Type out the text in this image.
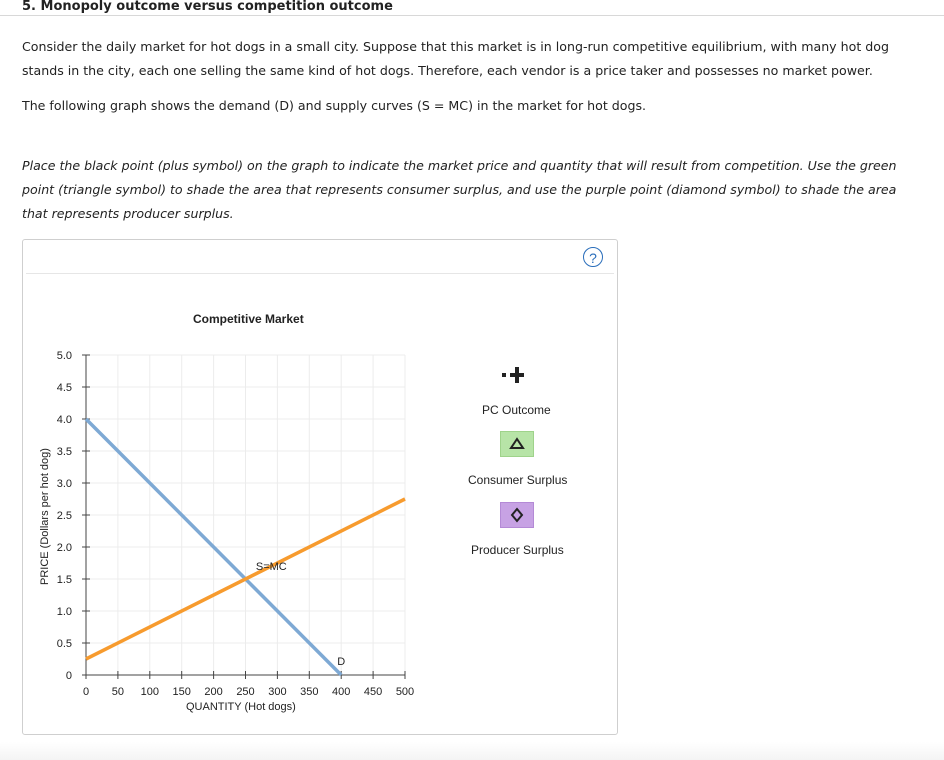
5. Monopoly outcome versus competition outcome

Consider the daily market for hot dogs in a small city. Suppose that this market is in long-run competitive equilibrium, with many hot dog stands in the city, each one selling the same kind of hot dogs. Therefore, each vendor is a price taker and possesses no market power.

The following graph shows the demand (D) and supply curves (S = MC) in the market for hot dogs.

Place the black point (plus symbol) on the graph to indicate the market price and quantity that will result from competition. Use the green point (triangle symbol) to shade the area that represents consumer surplus, and use the purple point (diamond symbol) to shade the area that represents producer surplus.

?
Competitive Market
PRICE (Dollars per hot dog)
QUANTITY (Hot dogs)
0 50 100 150 200 250 300 350 400 450 500
0
0.5
1.0
1.5
2.0
2.5
3.0
3.5
4.0
4.5
5.0
D
S=MC
PC Outcome
Consumer Surplus
Producer Surplus
